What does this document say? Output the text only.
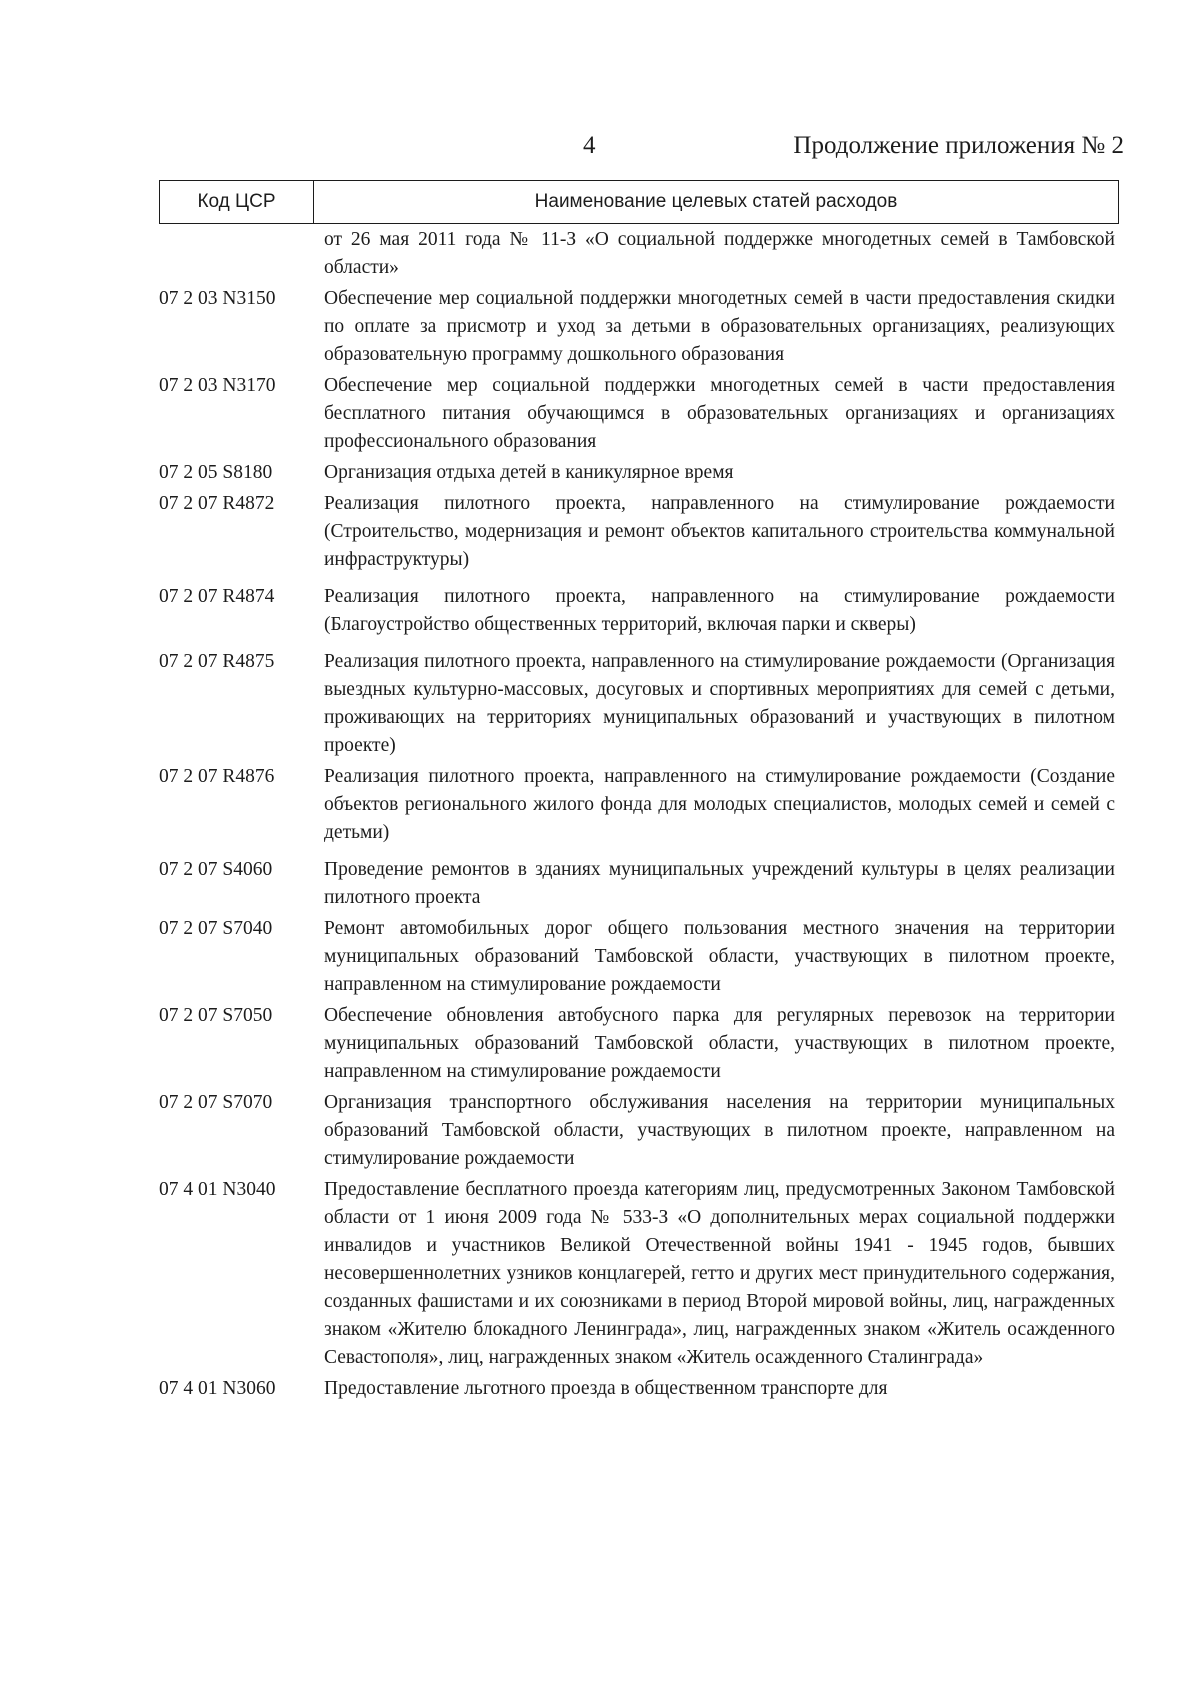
4	Продолжение приложения № 2
Код ЦСР	Наименование целевых статей расходов
от 26 мая 2011 года № 11-З «О социальной поддержке многодетных семей в Тамбовской области»
07 2 03 N3150	Обеспечение мер социальной поддержки многодетных семей в части предоставления скидки по оплате за присмотр и уход за детьми в образовательных организациях, реализующих образовательную программу дошкольного образования
07 2 03 N3170	Обеспечение мер социальной поддержки многодетных семей в части предоставления бесплатного питания обучающимся в образовательных организациях и организациях профессионального образования
07 2 05 S8180	Организация отдыха детей в каникулярное время
07 2 07 R4872	Реализация пилотного проекта, направленного на стимулирование рождаемости (Строительство, модернизация и ремонт объектов капитального строительства коммунальной инфраструктуры)
07 2 07 R4874	Реализация пилотного проекта, направленного на стимулирование рождаемости (Благоустройство общественных территорий, включая парки и скверы)
07 2 07 R4875	Реализация пилотного проекта, направленного на стимулирование рождаемости (Организация выездных культурно-массовых, досуговых и спортивных мероприятиях для семей с детьми, проживающих на территориях муниципальных образований и участвующих в пилотном проекте)
07 2 07 R4876	Реализация пилотного проекта, направленного на стимулирование рождаемости (Создание объектов регионального жилого фонда для молодых специалистов, молодых семей и семей с детьми)
07 2 07 S4060	Проведение ремонтов в зданиях муниципальных учреждений культуры в целях реализации пилотного проекта
07 2 07 S7040	Ремонт автомобильных дорог общего пользования местного значения на территории муниципальных образований Тамбовской области, участвующих в пилотном проекте, направленном на стимулирование рождаемости
07 2 07 S7050	Обеспечение обновления автобусного парка для регулярных перевозок на территории муниципальных образований Тамбовской области, участвующих в пилотном проекте, направленном на стимулирование рождаемости
07 2 07 S7070	Организация транспортного обслуживания населения на территории муниципальных образований Тамбовской области, участвующих в пилотном проекте, направленном на стимулирование рождаемости
07 4 01 N3040	Предоставление бесплатного проезда категориям лиц, предусмотренных Законом Тамбовской области от 1 июня 2009 года № 533-З «О дополнительных мерах социальной поддержки инвалидов и участников Великой Отечественной войны 1941 - 1945 годов, бывших несовершеннолетних узников концлагерей, гетто и других мест принудительного содержания, созданных фашистами и их союзниками в период Второй мировой войны, лиц, награжденных знаком «Жителю блокадного Ленинграда», лиц, награжденных знаком «Житель осажденного Севастополя», лиц, награжденных знаком «Житель осажденного Сталинграда»
07 4 01 N3060	Предоставление льготного проезда в общественном транспорте для
